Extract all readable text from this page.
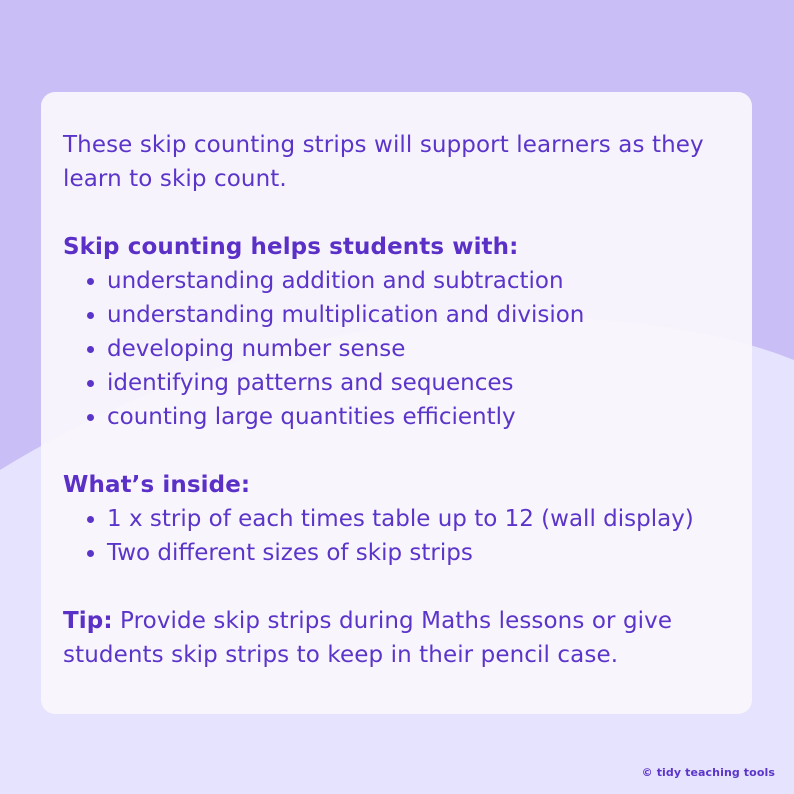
These skip counting strips will support learners as they
learn to skip count.

Skip counting helps students with:

understanding addition and subtraction
understanding multiplication and division
developing number sense
identifying patterns and sequences
counting large quantities efficiently

What’s inside:

1 x strip of each times table up to 12 (wall display)
Two different sizes of skip strips

Tip: Provide skip strips during Maths lessons or give
students skip strips to keep in their pencil case.

© tidy teaching tools
